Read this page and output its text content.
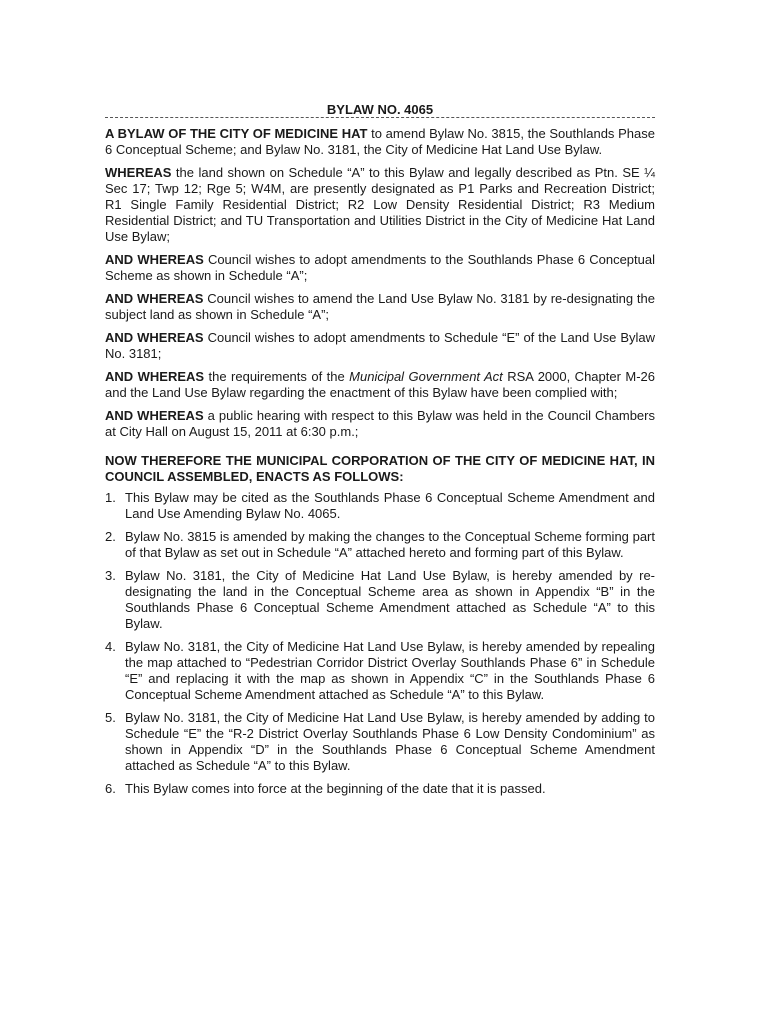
BYLAW NO. 4065

A BYLAW OF THE CITY OF MEDICINE HAT to amend Bylaw No. 3815, the Southlands Phase 6 Conceptual Scheme; and Bylaw No. 3181, the City of Medicine Hat Land Use Bylaw.

WHEREAS the land shown on Schedule “A” to this Bylaw and legally described as Ptn. SE ¼ Sec 17; Twp 12; Rge 5; W4M, are presently designated as P1 Parks and Recreation District; R1 Single Family Residential District; R2 Low Density Residential District; R3 Medium Residential District; and TU Transportation and Utilities District in the City of Medicine Hat Land Use Bylaw;

AND WHEREAS Council wishes to adopt amendments to the Southlands Phase 6 Conceptual Scheme as shown in Schedule “A”;

AND WHEREAS Council wishes to amend the Land Use Bylaw No. 3181 by re-designating the subject land as shown in Schedule “A”;

AND WHEREAS Council wishes to adopt amendments to Schedule “E” of the Land Use Bylaw No. 3181;

AND WHEREAS the requirements of the Municipal Government Act RSA 2000, Chapter M-26 and the Land Use Bylaw regarding the enactment of this Bylaw have been complied with;

AND WHEREAS a public hearing with respect to this Bylaw was held in the Council Chambers at City Hall on August 15, 2011 at 6:30 p.m.;

NOW THEREFORE THE MUNICIPAL CORPORATION OF THE CITY OF MEDICINE HAT, IN COUNCIL ASSEMBLED, ENACTS AS FOLLOWS:
1. This Bylaw may be cited as the Southlands Phase 6 Conceptual Scheme Amendment and Land Use Amending Bylaw No. 4065.
2. Bylaw No. 3815 is amended by making the changes to the Conceptual Scheme forming part of that Bylaw as set out in Schedule “A” attached hereto and forming part of this Bylaw.
3. Bylaw No. 3181, the City of Medicine Hat Land Use Bylaw, is hereby amended by re-designating the land in the Conceptual Scheme area as shown in Appendix “B” in the Southlands Phase 6 Conceptual Scheme Amendment attached as Schedule “A” to this Bylaw.
4. Bylaw No. 3181, the City of Medicine Hat Land Use Bylaw, is hereby amended by repealing the map attached to “Pedestrian Corridor District Overlay Southlands Phase 6” in Schedule “E” and replacing it with the map as shown in Appendix “C” in the Southlands Phase 6 Conceptual Scheme Amendment attached as Schedule “A” to this Bylaw.
5. Bylaw No. 3181, the City of Medicine Hat Land Use Bylaw, is hereby amended by adding to Schedule “E” the “R-2 District Overlay Southlands Phase 6 Low Density Condominium” as shown in Appendix “D” in the Southlands Phase 6 Conceptual Scheme Amendment attached as Schedule “A” to this Bylaw.
6. This Bylaw comes into force at the beginning of the date that it is passed.
